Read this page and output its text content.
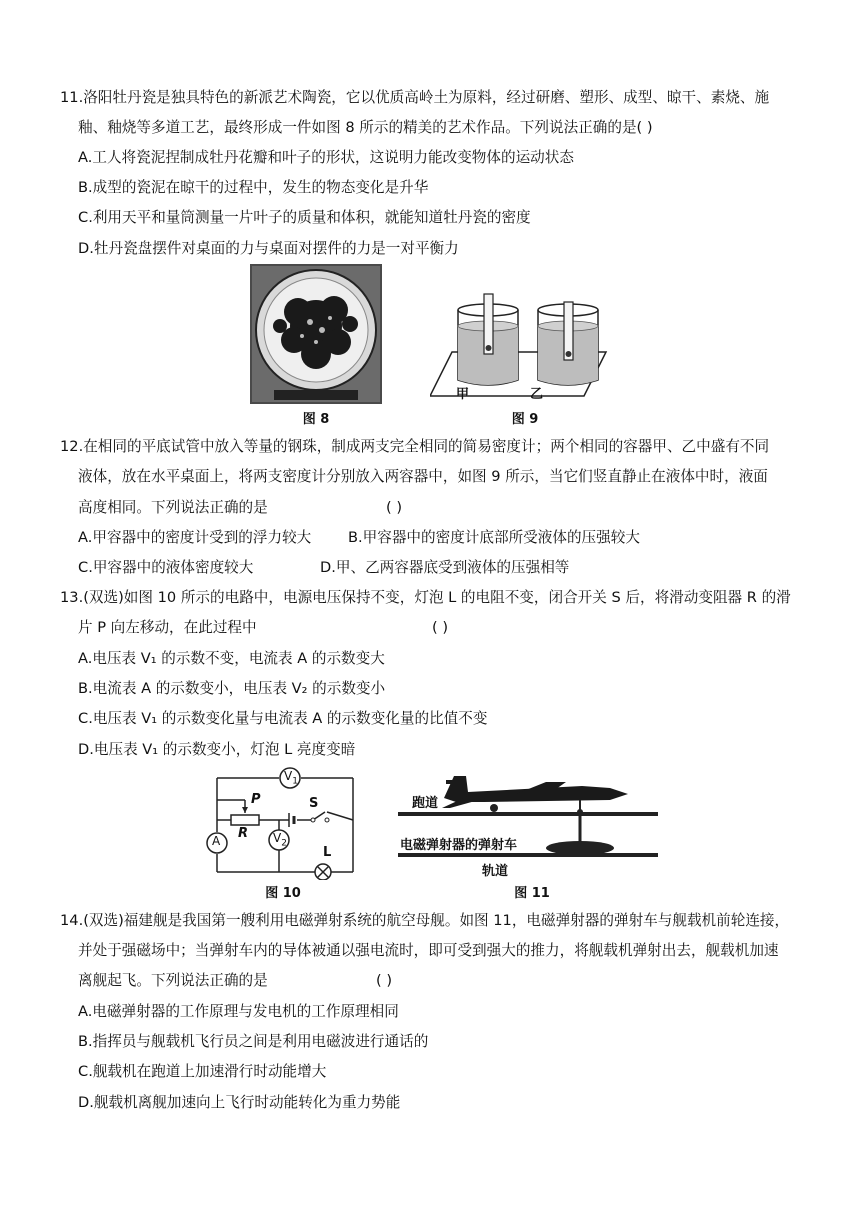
11.洛阳牡丹瓷是独具特色的新派艺术陶瓷，它以优质高岭土为原料，经过研磨、塑形、成型、晾干、素烧、施
釉、釉烧等多道工艺，最终形成一件如图 8 所示的精美的艺术作品。下列说法正确的是( )
A.工人将瓷泥捏制成牡丹花瓣和叶子的形状，这说明力能改变物体的运动状态
B.成型的瓷泥在晾干的过程中，发生的物态变化是升华
C.利用天平和量筒测量一片叶子的质量和体积，就能知道牡丹瓷的密度
D.牡丹瓷盘摆件对桌面的力与桌面对摆件的力是一对平衡力
图 8
甲	乙
图 9
12.在相同的平底试管中放入等量的钢珠，制成两支完全相同的简易密度计；两个相同的容器甲、乙中盛有不同
液体，放在水平桌面上，将两支密度计分别放入两容器中，如图 9 所示，当它们竖直静止在液体中时，液面
高度相同。下列说法正确的是	( )
A.甲容器中的密度计受到的浮力较大	B.甲容器中的密度计底部所受液体的压强较大
C.甲容器中的液体密度较大	D.甲、乙两容器底受到液体的压强相等
13.(双选)如图 10 所示的电路中，电源电压保持不变，灯泡 L 的电阻不变，闭合开关 S 后，将滑动变阻器 R 的滑
片 P 向左移动，在此过程中	( )
A.电压表 V₁ 的示数不变，电流表 A 的示数变大
B.电流表 A 的示数变小，电压表 V₂ 的示数变小
C.电压表 V₁ 的示数变化量与电流表 A 的示数变化量的比值不变
D.电压表 V₁ 的示数变小，灯泡 L 亮度变暗
$V_1$
A	$V_2$
P
R
S
L
图 10
跑道
电磁弹射器的弹射车
轨道
图 11
14.(双选)福建舰是我国第一艘利用电磁弹射系统的航空母舰。如图 11，电磁弹射器的弹射车与舰载机前轮连接，
并处于强磁场中；当弹射车内的导体被通以强电流时，即可受到强大的推力，将舰载机弹射出去，舰载机加速
离舰起飞。下列说法正确的是	( )
A.电磁弹射器的工作原理与发电机的工作原理相同
B.指挥员与舰载机飞行员之间是利用电磁波进行通话的
C.舰载机在跑道上加速滑行时动能增大
D.舰载机离舰加速向上飞行时动能转化为重力势能
